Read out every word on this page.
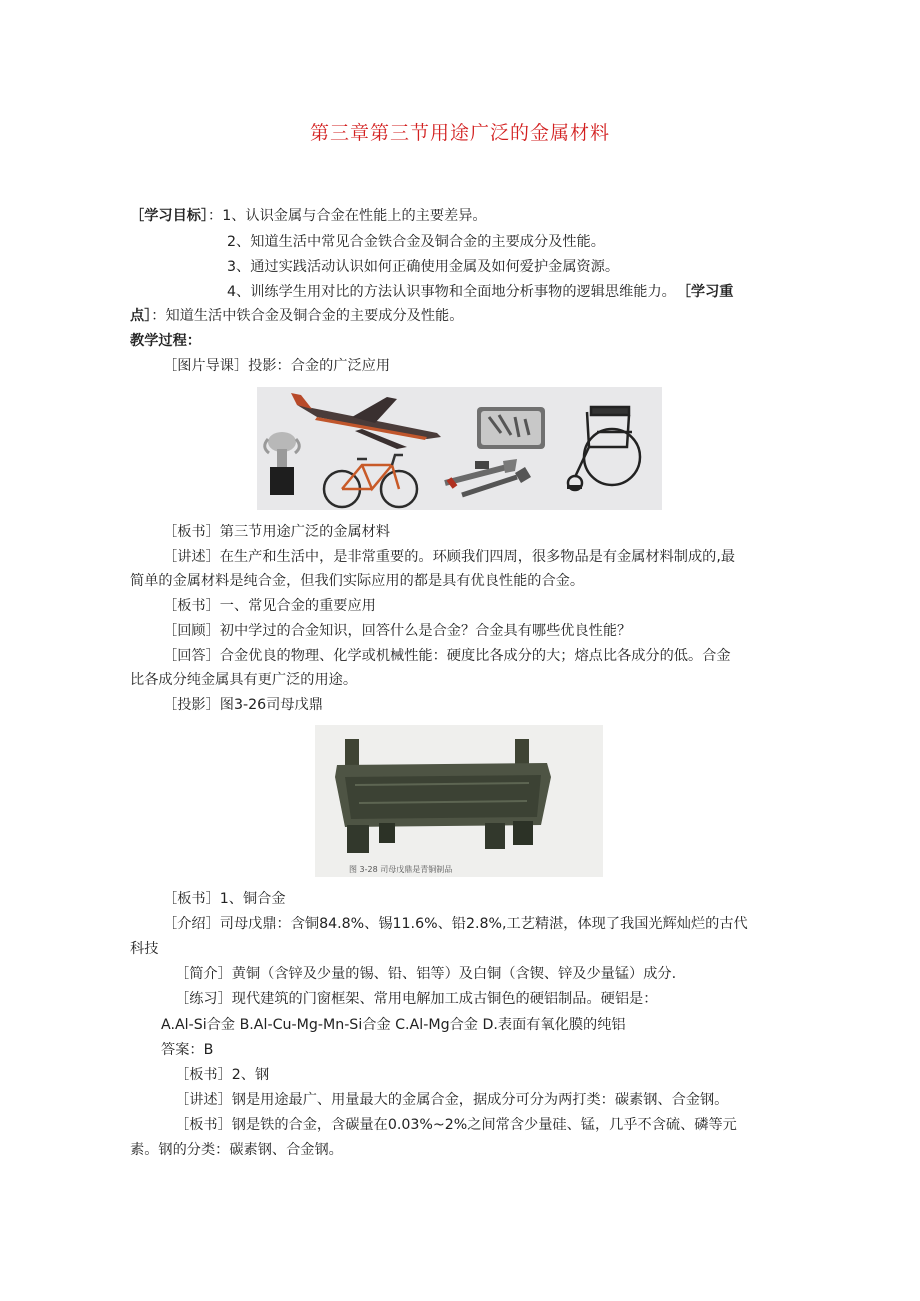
第三章第三节用途广泛的金属材料
［学习目标］：1、认识金属与合金在性能上的主要差异。
2、知道生活中常见合金铁合金及铜合金的主要成分及性能。
3、通过实践活动认识如何正确使用金属及如何爱护金属资源。
4、训练学生用对比的方法认识事物和全面地分析事物的逻辑思维能力。 ［学习重
点］：知道生活中铁合金及铜合金的主要成分及性能。
教学过程：
［图片导课］投影：合金的广泛应用
［板书］第三节用途广泛的金属材料
［讲述］在生产和生活中，是非常重要的。环顾我们四周，很多物品是有金属材料制成的,最
简单的金属材料是纯合金，但我们实际应用的都是具有优良性能的合金。
［板书］一、常见合金的重要应用
［回顾］初中学过的合金知识，回答什么是合金？合金具有哪些优良性能？
［回答］合金优良的物理、化学或机械性能：硬度比各成分的大；熔点比各成分的低。合金
比各成分纯金属具有更广泛的用途。
［投影］图3-26司母戊鼎
图 3-28 司母戊鼎是青铜制品
［板书］1、铜合金
［介绍］司母戊鼎：含铜84.8%、锡11.6%、铅2.8%,工艺精湛，体现了我国光辉灿烂的古代
科技
［简介］黄铜（含锌及少量的锡、铅、铝等）及白铜（含锲、锌及少量锰）成分.
［练习］现代建筑的门窗框架、常用电解加工成古铜色的硬铝制品。硬铝是：
A.Al-Si合金 B.Al-Cu-Mg-Mn-Si合金 C.Al-Mg合金 D.表面有氧化膜的纯铝
答案：B
［板书］2、钢
［讲述］钢是用途最广、用量最大的金属合金，据成分可分为两打类：碳素钢、合金钢。
［板书］钢是铁的合金，含碳量在0.03%~2%之间常含少量硅、锰，几乎不含硫、磷等元
素。钢的分类：碳素钢、合金钢。
